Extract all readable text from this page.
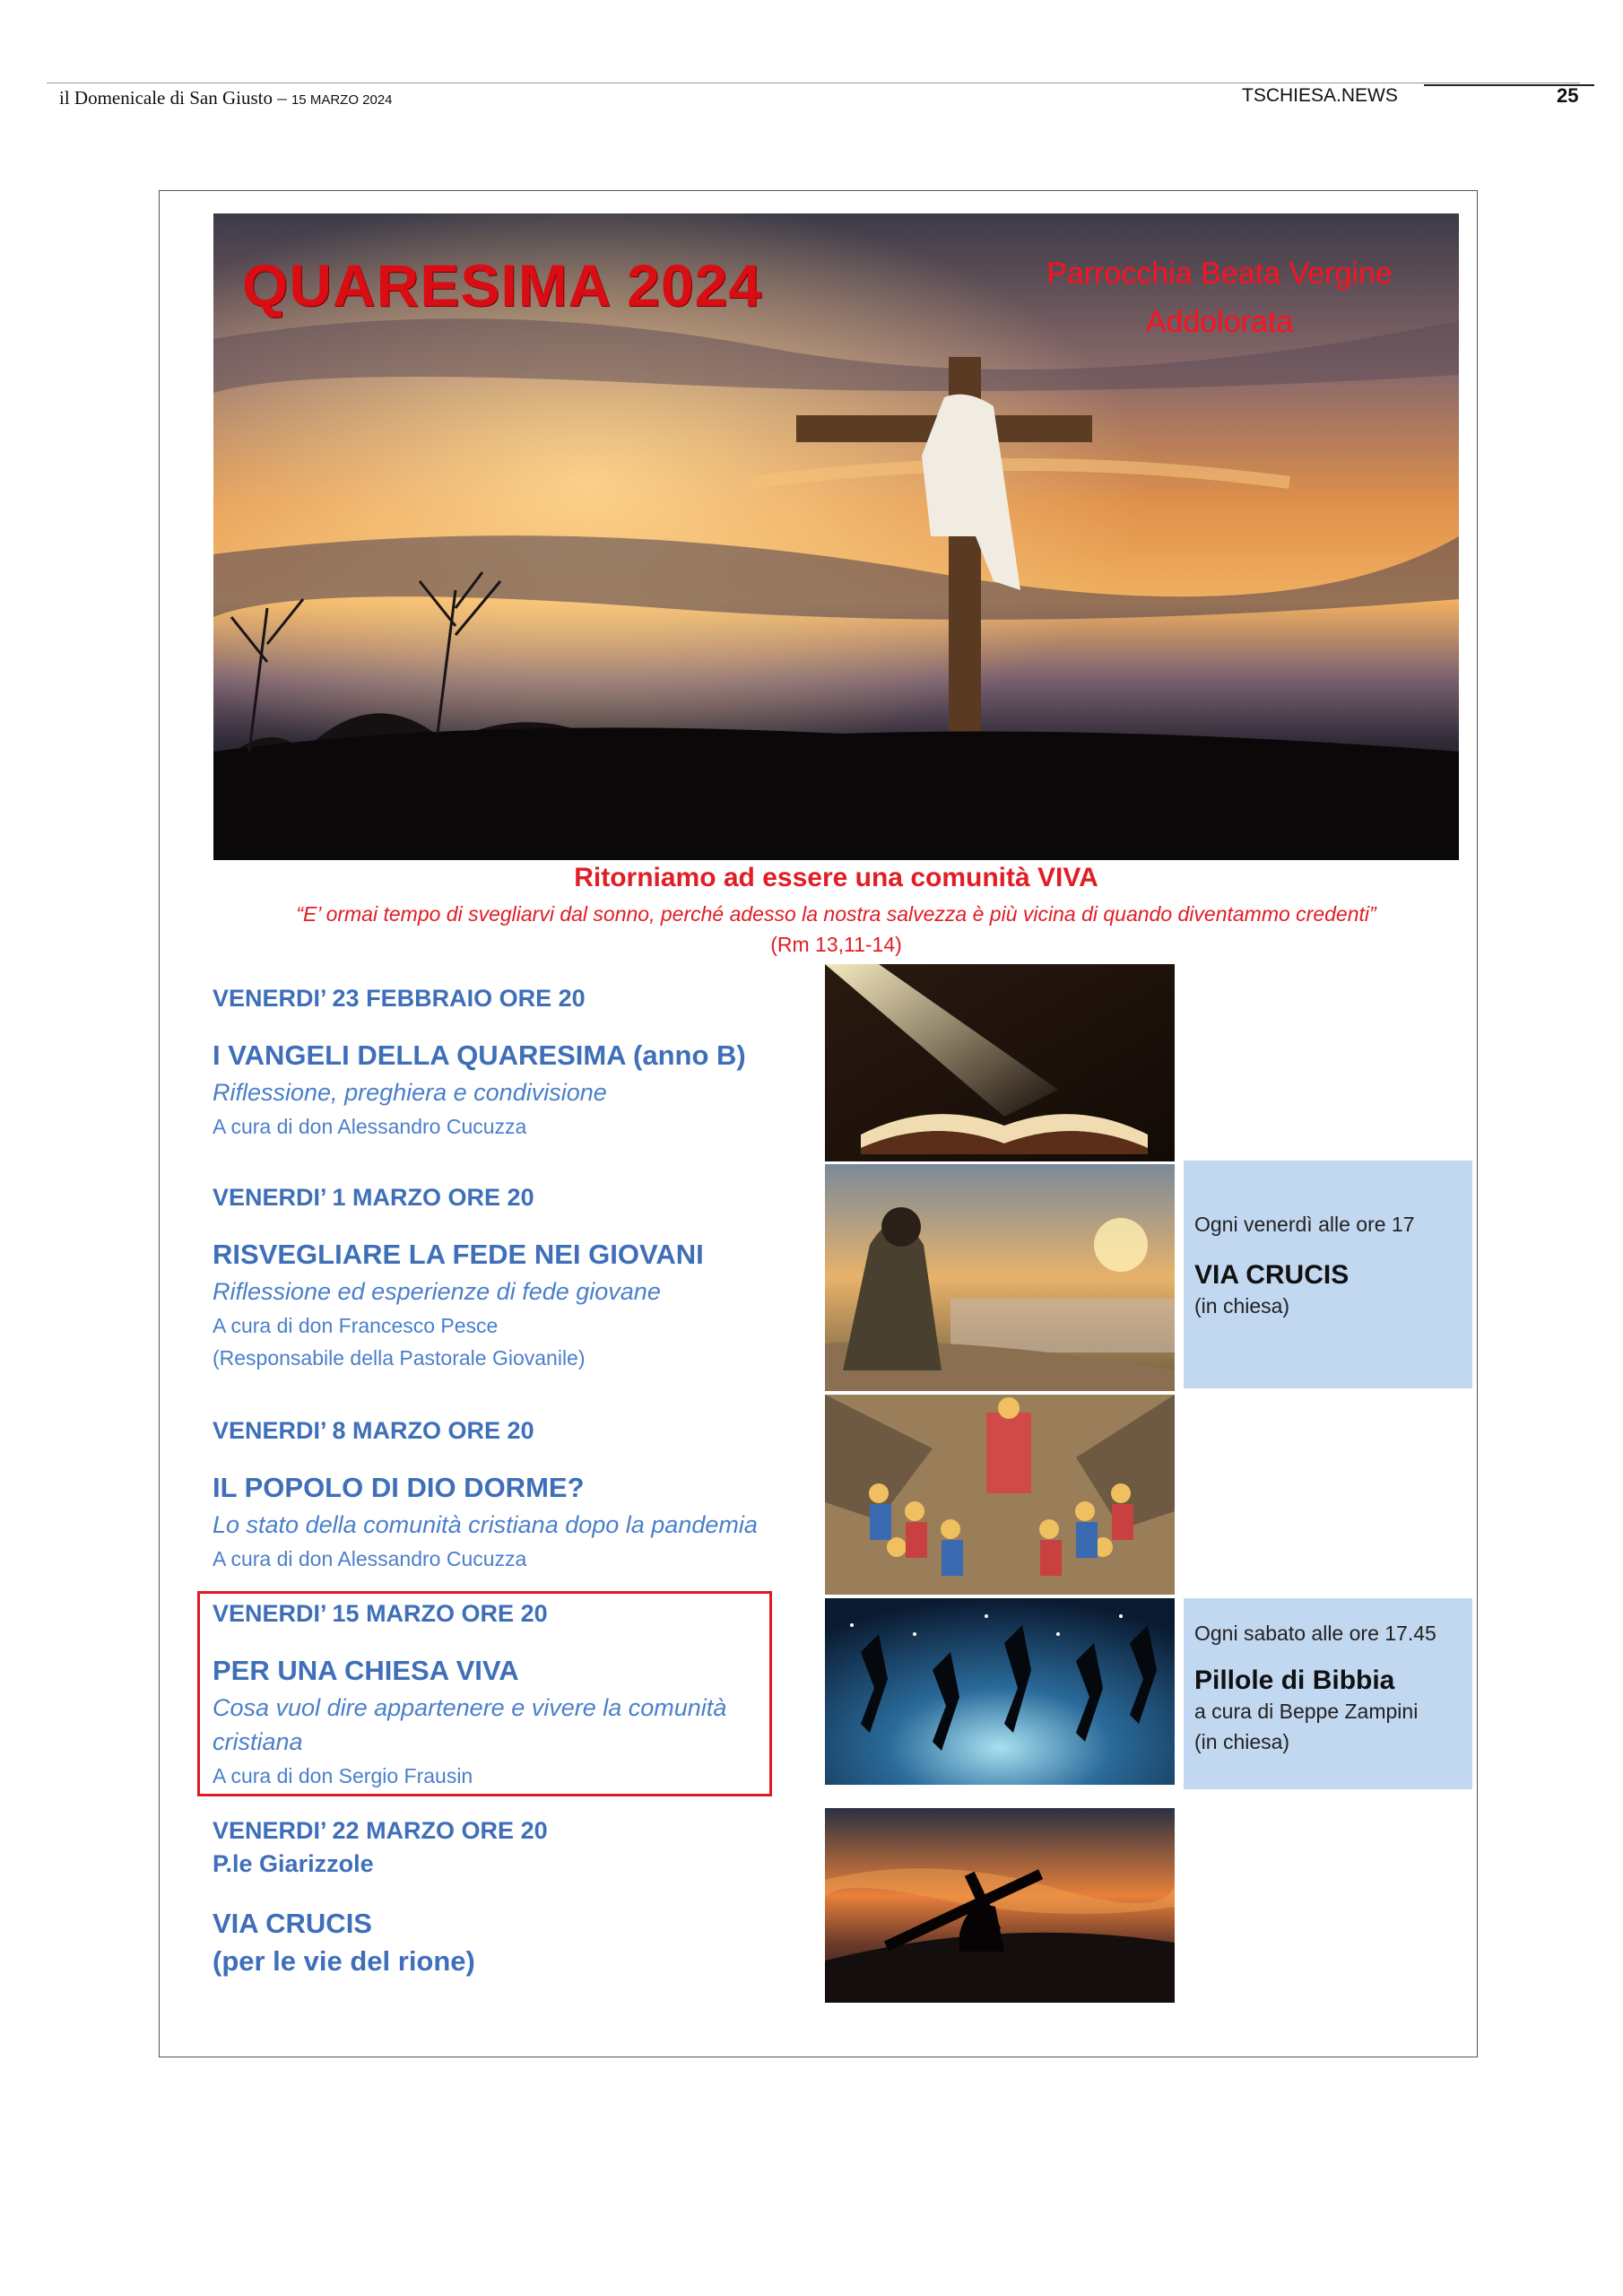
il Domenicale di San Giusto – 15 MARZO 2024	TSCHIESA.NEWS	25
QUARESIMA 2024	Parrocchia Beata Vergine
Addolorata
Ritorniamo ad essere una comunità VIVA
“E’ ormai tempo di svegliarvi dal sonno, perché adesso la nostra salvezza è più vicina di quando diventammo credenti”
(Rm 13,11-14)
VENERDI’ 23 FEBBRAIO ORE 20
I VANGELI DELLA QUARESIMA (anno B)
Riflessione, preghiera e condivisione
A cura di don Alessandro Cucuzza
VENERDI’ 1 MARZO ORE 20
RISVEGLIARE LA FEDE NEI GIOVANI
Riflessione ed esperienze di fede giovane
A cura di don Francesco Pesce
(Responsabile della Pastorale Giovanile)
VENERDI’ 8 MARZO ORE 20
IL POPOLO DI DIO DORME?
Lo stato della comunità cristiana dopo la pandemia
A cura di don Alessandro Cucuzza
VENERDI’ 15 MARZO ORE 20
PER UNA CHIESA VIVA
Cosa vuol dire appartenere e vivere la comunità cristiana
A cura di don Sergio Frausin
VENERDI’ 22 MARZO ORE 20
P.le Giarizzole
VIA CRUCIS
(per le vie del rione)
Ogni venerdì alle ore 17
VIA CRUCIS
(in chiesa)
Ogni sabato alle ore 17.45
Pillole di Bibbia
a cura di Beppe Zampini
(in chiesa)
